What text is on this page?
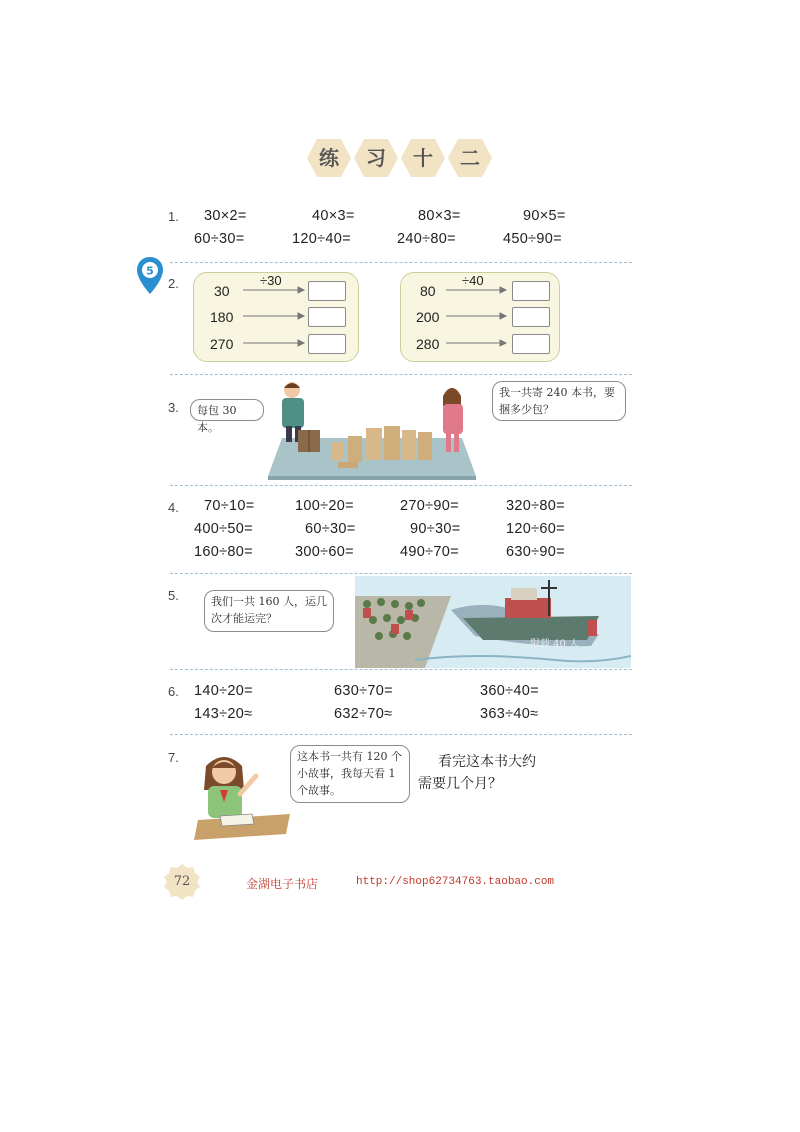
练	习	十	二
1. 30×2=	40×3=	80×3=	90×5=
60÷30=	120÷40=	240÷80=	450÷90=
5
2.	30
180
270
÷30
80
200
280
÷40
3.	每包 30 本。
我一共寄 240 本书，要捆多少包？
4. 70÷10=	100÷20=	270÷90=	320÷80=
400÷50=	60÷30=	90÷30=	120÷60=
160÷80=	300÷60=	490÷70=	630÷90=
5.
限载 40 人
我们一共 160 人，运几次才能运完？
6. 140÷20=	630÷70=	360÷40=
143÷20≈	632÷70≈	363÷40≈
7.	这本书一共有 120 个小故事，我每天看 1 个故事。
看完这本书大约
需要几个月？
72	金湖电子书店	http://shop62734763.taobao.com
